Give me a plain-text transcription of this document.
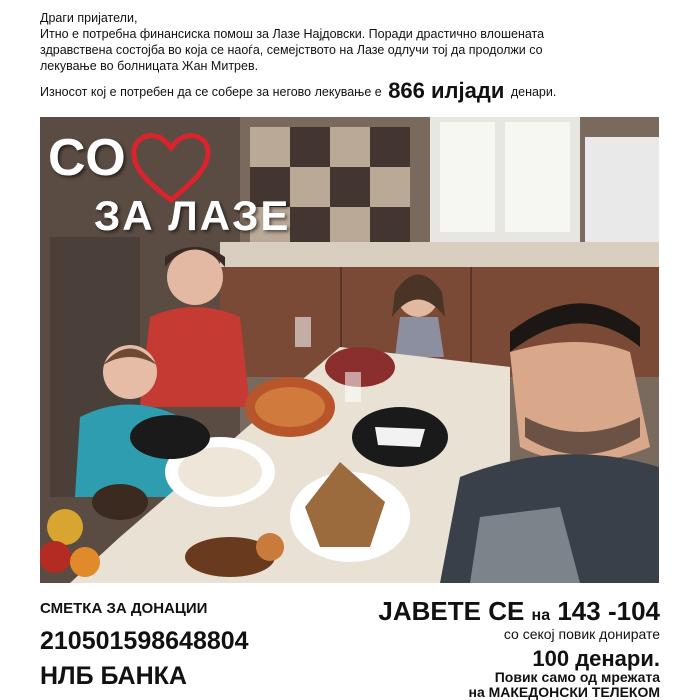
Драги пријатели,

Итно е потребна финансиска помош за Лазе Најдовски. Поради драстично влошената

здравствена состојба во која се наоѓа, семејството на Лазе одлучи тој да продолжи со

лекување во болницата Жан Митрев.

Износот кој е потребен да се собере за негово лекување е 866 илјади денари.
СО
ЗА ЛАЗЕ
СМЕТКА ЗА ДОНАЦИИ
210501598648804
НЛБ БАНКА
ЈАВЕТЕ СЕ на 143 -104
со секој повик донирате
100 денари.
Повик само од мрежата
на МАКЕДОНСКИ ТЕЛЕКОМ
